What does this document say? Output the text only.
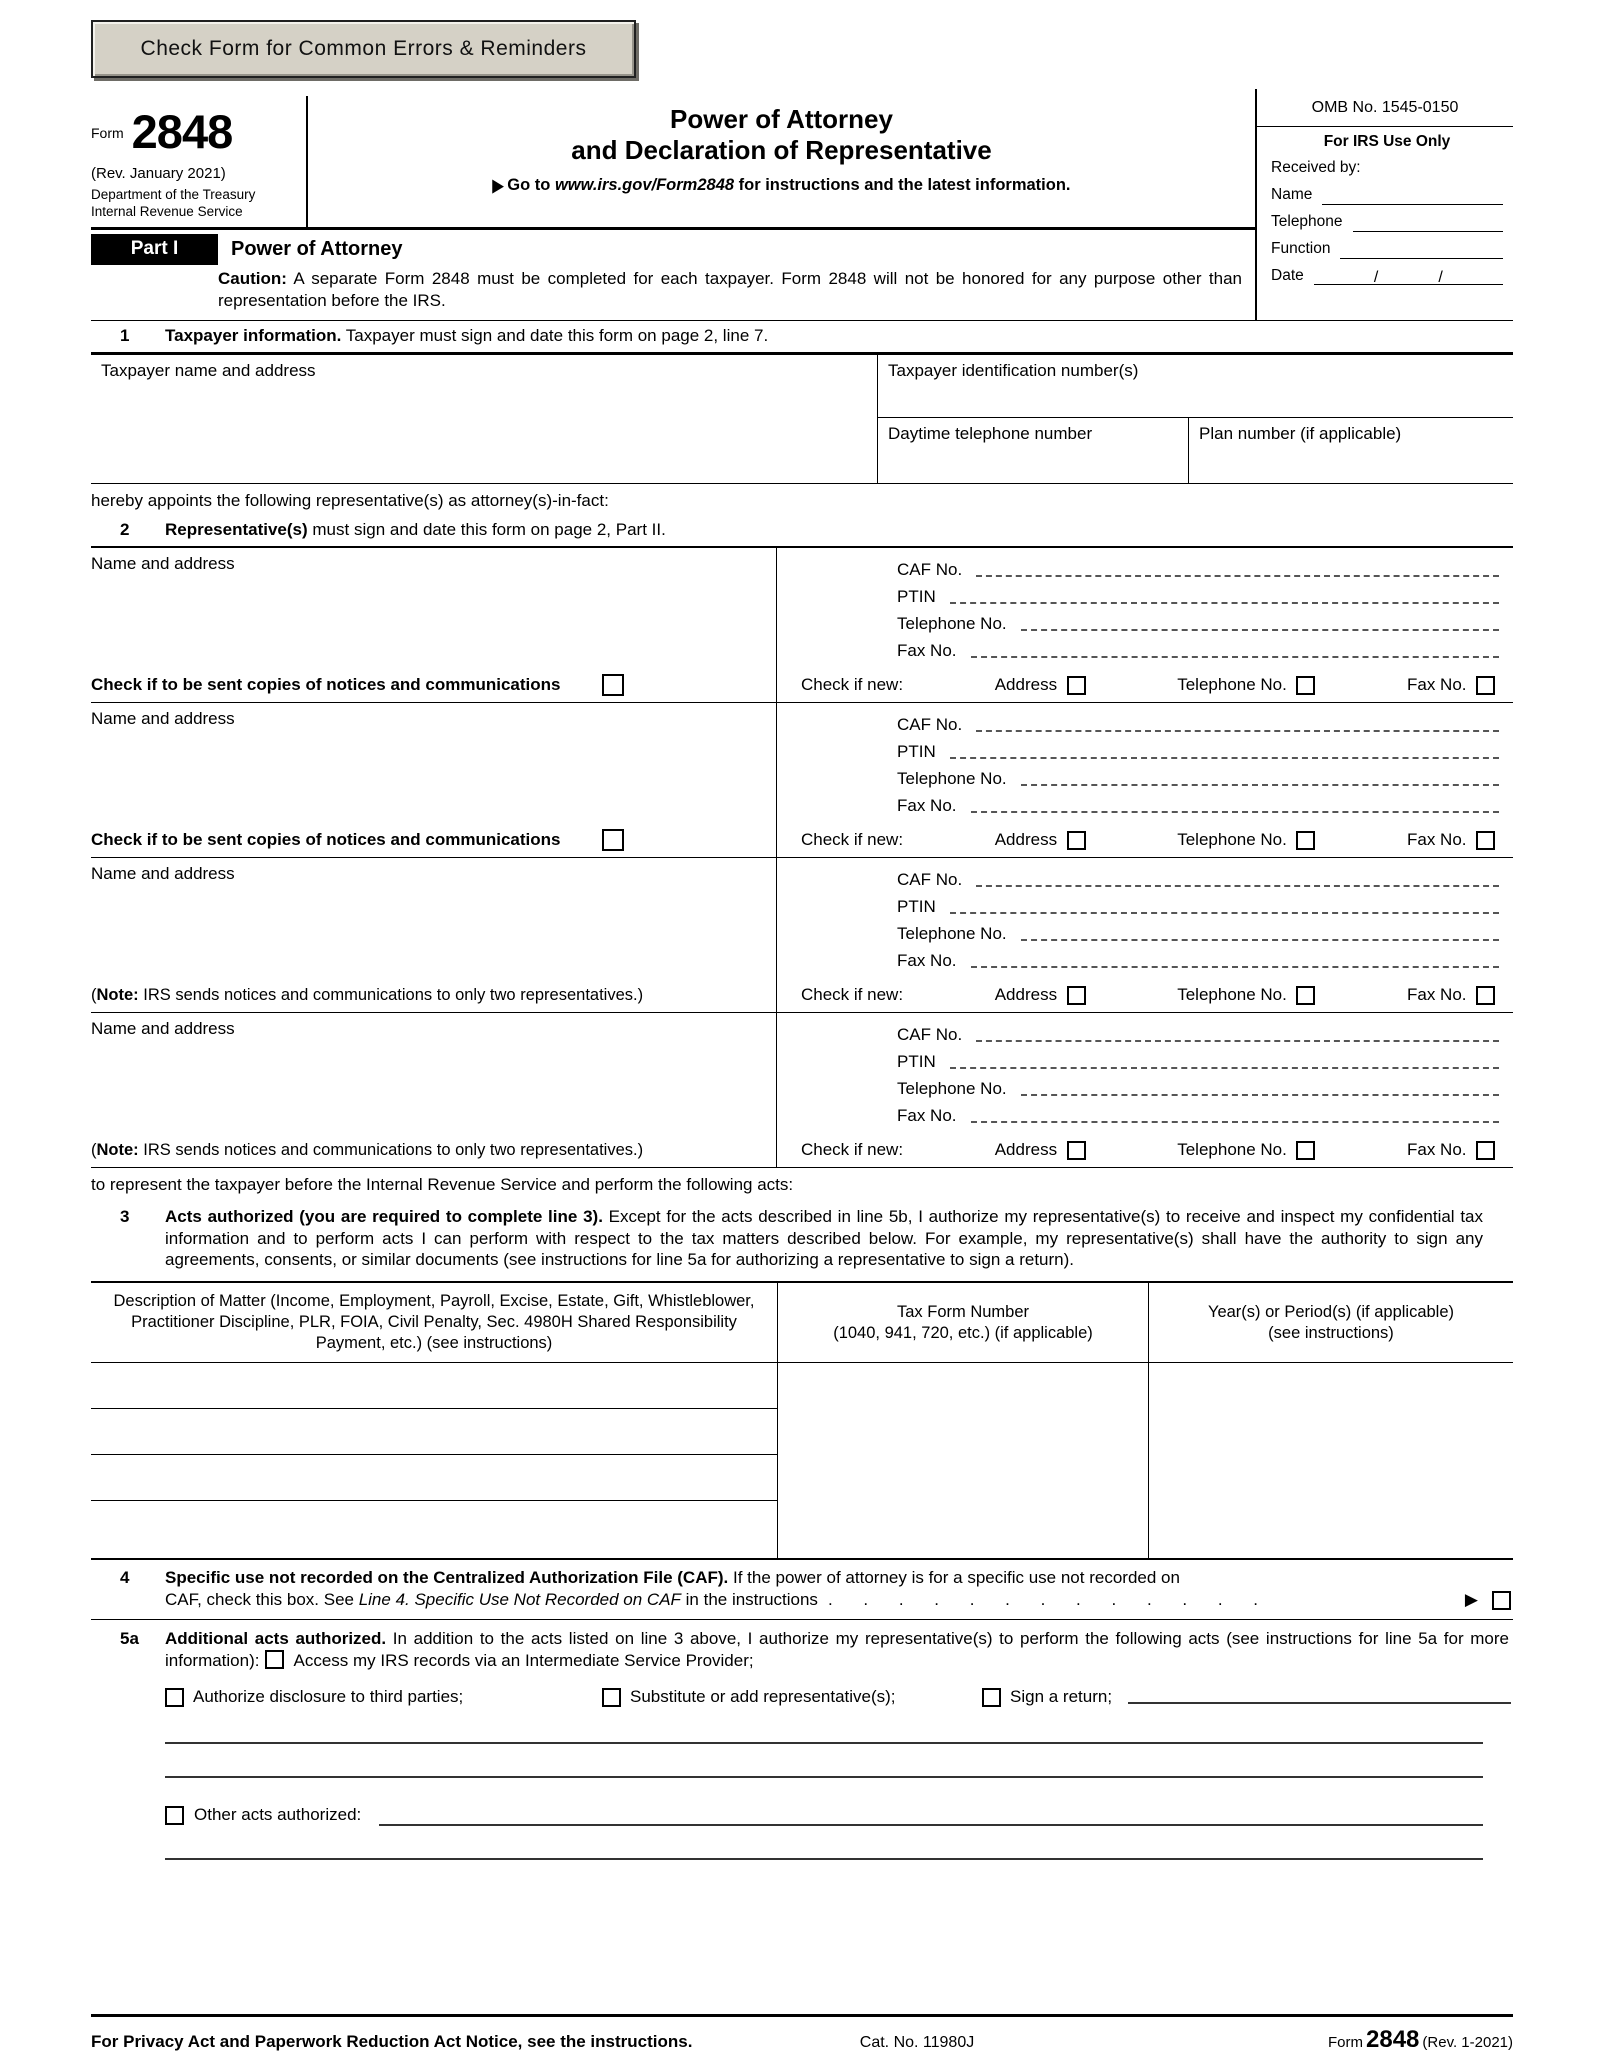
Check Form for Common Errors & Reminders
Form 2848
(Rev. January 2021)
Department of the Treasury
Internal Revenue Service
Power of Attorney
and Declaration of Representative
▶ Go to www.irs.gov/Form2848 for instructions and the latest information.
Part I	Power of Attorney
Caution: A separate Form 2848 must be completed for each taxpayer. Form 2848 will not be honored for any purpose other than representation before the IRS.
OMB No. 1545-0150
For IRS Use Only
Received by:
Name
Telephone
Function
Date	/	/
1	Taxpayer information. Taxpayer must sign and date this form on page 2, line 7.
Taxpayer name and address	Taxpayer identification number(s)
Daytime telephone number	Plan number (if applicable)
hereby appoints the following representative(s) as attorney(s)-in-fact:
2	Representative(s) must sign and date this form on page 2, Part II.
Name and address
Check if to be sent copies of notices and communications
CAF No.
PTIN
Telephone No.
Fax No.
Check if new:	Address
	Telephone No.
	Fax No.

Name and address
Check if to be sent copies of notices and communications
CAF No.
PTIN
Telephone No.
Fax No.
Check if new:	Address
	Telephone No.
	Fax No.

Name and address
(Note: IRS sends notices and communications to only two representatives.)
CAF No.
PTIN
Telephone No.
Fax No.
Check if new:	Address
	Telephone No.
	Fax No.

Name and address
(Note: IRS sends notices and communications to only two representatives.)
CAF No.
PTIN
Telephone No.
Fax No.
Check if new:	Address
	Telephone No.
	Fax No.

to represent the taxpayer before the Internal Revenue Service and perform the following acts:
3	Acts authorized (you are required to complete line 3). Except for the acts described in line 5b, I authorize my representative(s) to receive and inspect my confidential tax information and to perform acts I can perform with respect to the tax matters described below. For example, my representative(s) shall have the authority to sign any agreements, consents, or similar documents (see instructions for line 5a for authorizing a representative to sign a return).
Description of Matter (Income, Employment, Payroll, Excise, Estate, Gift, Whistleblower, Practitioner Discipline, PLR, FOIA, Civil Penalty, Sec. 4980H Shared Responsibility Payment, etc.) (see instructions)
Tax Form Number
(1040, 941, 720, etc.) (if applicable)
Year(s) or Period(s) (if applicable)
(see instructions)
4	Specific use not recorded on the Centralized Authorization File (CAF). If the power of attorney is for a specific use not recorded on
CAF, check this box. See Line 4. Specific Use Not Recorded on CAF in the instructions . . . . . . . . . . . . .	▶
5a	Additional acts authorized. In addition to the acts listed on line 3 above, I authorize my representative(s) to perform the following acts (see instructions for line 5a for more information): Access my IRS records via an Intermediate Service Provider;
Authorize disclosure to third parties;	Substitute or add representative(s);	Sign a return;
Other acts authorized:
For Privacy Act and Paperwork Reduction Act Notice, see the instructions.	Cat. No. 11980J	Form 2848 (Rev. 1-2021)
